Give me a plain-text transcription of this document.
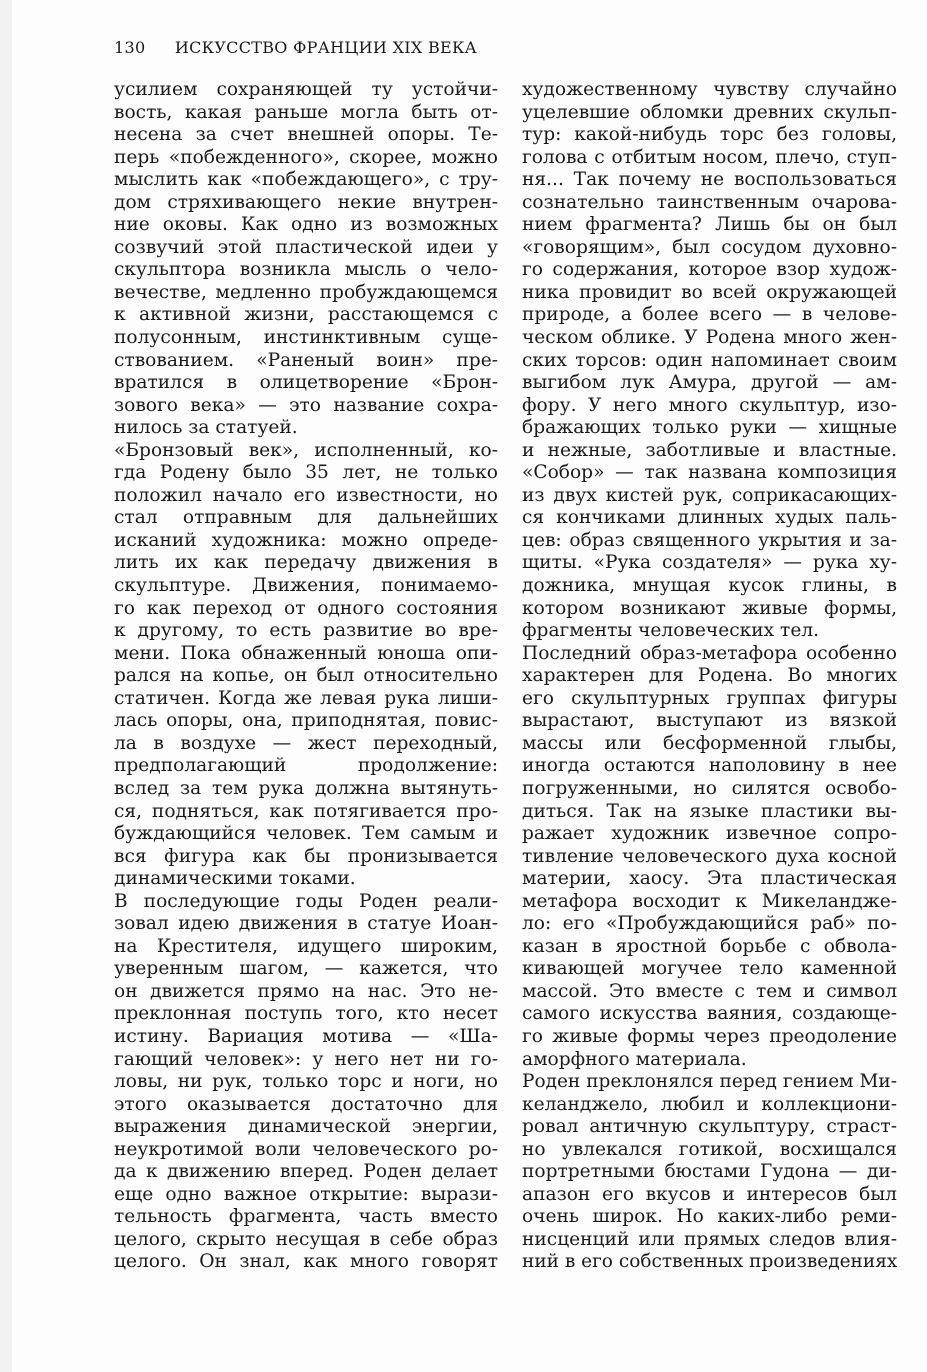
130 ИСКУССТВО ФРАНЦИИ XIX ВЕКА
усилием сохраняющей ту устойчи-
вость, какая раньше могла быть от-
несена за счет внешней опоры. Те-
перь «побежденного», скорее, можно
мыслить как «побеждающего», с тру-
дом стряхивающего некие внутрен-
ние оковы. Как одно из возможных
созвучий этой пластической идеи у
скульптора возникла мысль о чело-
вечестве, медленно пробуждающемся
к активной жизни, расстающемся с
полусонным, инстинктивным суще-
ствованием. «Раненый воин» пре-
вратился в олицетворение «Брон-
зового века» — это название сохра-
нилось за статуей.
«Бронзовый век», исполненный, ко-
гда Родену было 35 лет, не только
положил начало его известности, но
стал отправным для дальнейших
исканий художника: можно опреде-
лить их как передачу движения в
скульптуре. Движения, понимаемо-
го как переход от одного состояния
к другому, то есть развитие во вре-
мени. Пока обнаженный юноша опи-
рался на копье, он был относительно
статичен. Когда же левая рука лиши-
лась опоры, она, приподнятая, повис-
ла в воздухе — жест переходный,
предполагающий продолжение:
вслед за тем рука должна вытянуть-
ся, подняться, как потягивается про-
буждающийся человек. Тем самым и
вся фигура как бы пронизывается
динамическими токами.
В последующие годы Роден реали-
зовал идею движения в статуе Иоан-
на Крестителя, идущего широким,
уверенным шагом, — кажется, что
он движется прямо на нас. Это не-
преклонная поступь того, кто несет
истину. Вариация мотива — «Ша-
гающий человек»: у него нет ни го-
ловы, ни рук, только торс и ноги, но
этого оказывается достаточно для
выражения динамической энергии,
неукротимой воли человеческого ро-
да к движению вперед. Роден делает
еще одно важное открытие: вырази-
тельность фрагмента, часть вместо
целого, скрыто несущая в себе образ
целого. Он знал, как много говорят
художественному чувству случайно
уцелевшие обломки древних скульп-
тур: какой-нибудь торс без головы,
голова с отбитым носом, плечо, ступ-
ня... Так почему не воспользоваться
сознательно таинственным очарова-
нием фрагмента? Лишь бы он был
«говорящим», был сосудом духовно-
го содержания, которое взор худож-
ника провидит во всей окружающей
природе, а более всего — в челове-
ческом облике. У Родена много жен-
ских торсов: один напоминает своим
выгибом лук Амура, другой — ам-
фору. У него много скульптур, изо-
бражающих только руки — хищные
и нежные, заботливые и властные.
«Собор» — так названа композиция
из двух кистей рук, соприкасающих-
ся кончиками длинных худых паль-
цев: образ священного укрытия и за-
щиты. «Рука создателя» — рука ху-
дожника, мнущая кусок глины, в
котором возникают живые формы,
фрагменты человеческих тел.
Последний образ-метафора особенно
характерен для Родена. Во многих
его скульптурных группах фигуры
вырастают, выступают из вязкой
массы или бесформенной глыбы,
иногда остаются наполовину в нее
погруженными, но силятся освобо-
диться. Так на языке пластики вы-
ражает художник извечное сопро-
тивление человеческого духа косной
материи, хаосу. Эта пластическая
метафора восходит к Микеландже-
ло: его «Пробуждающийся раб» по-
казан в яростной борьбе с обвола-
кивающей могучее тело каменной
массой. Это вместе с тем и символ
самого искусства ваяния, создающе-
го живые формы через преодоление
аморфного материала.
Роден преклонялся перед гением Ми-
келанджело, любил и коллекциони-
ровал античную скульптуру, страст-
но увлекался готикой, восхищался
портретными бюстами Гудона — ди-
апазон его вкусов и интересов был
очень широк. Но каких-либо реми-
нисценций или прямых следов влия-
ний в его собственных произведениях
